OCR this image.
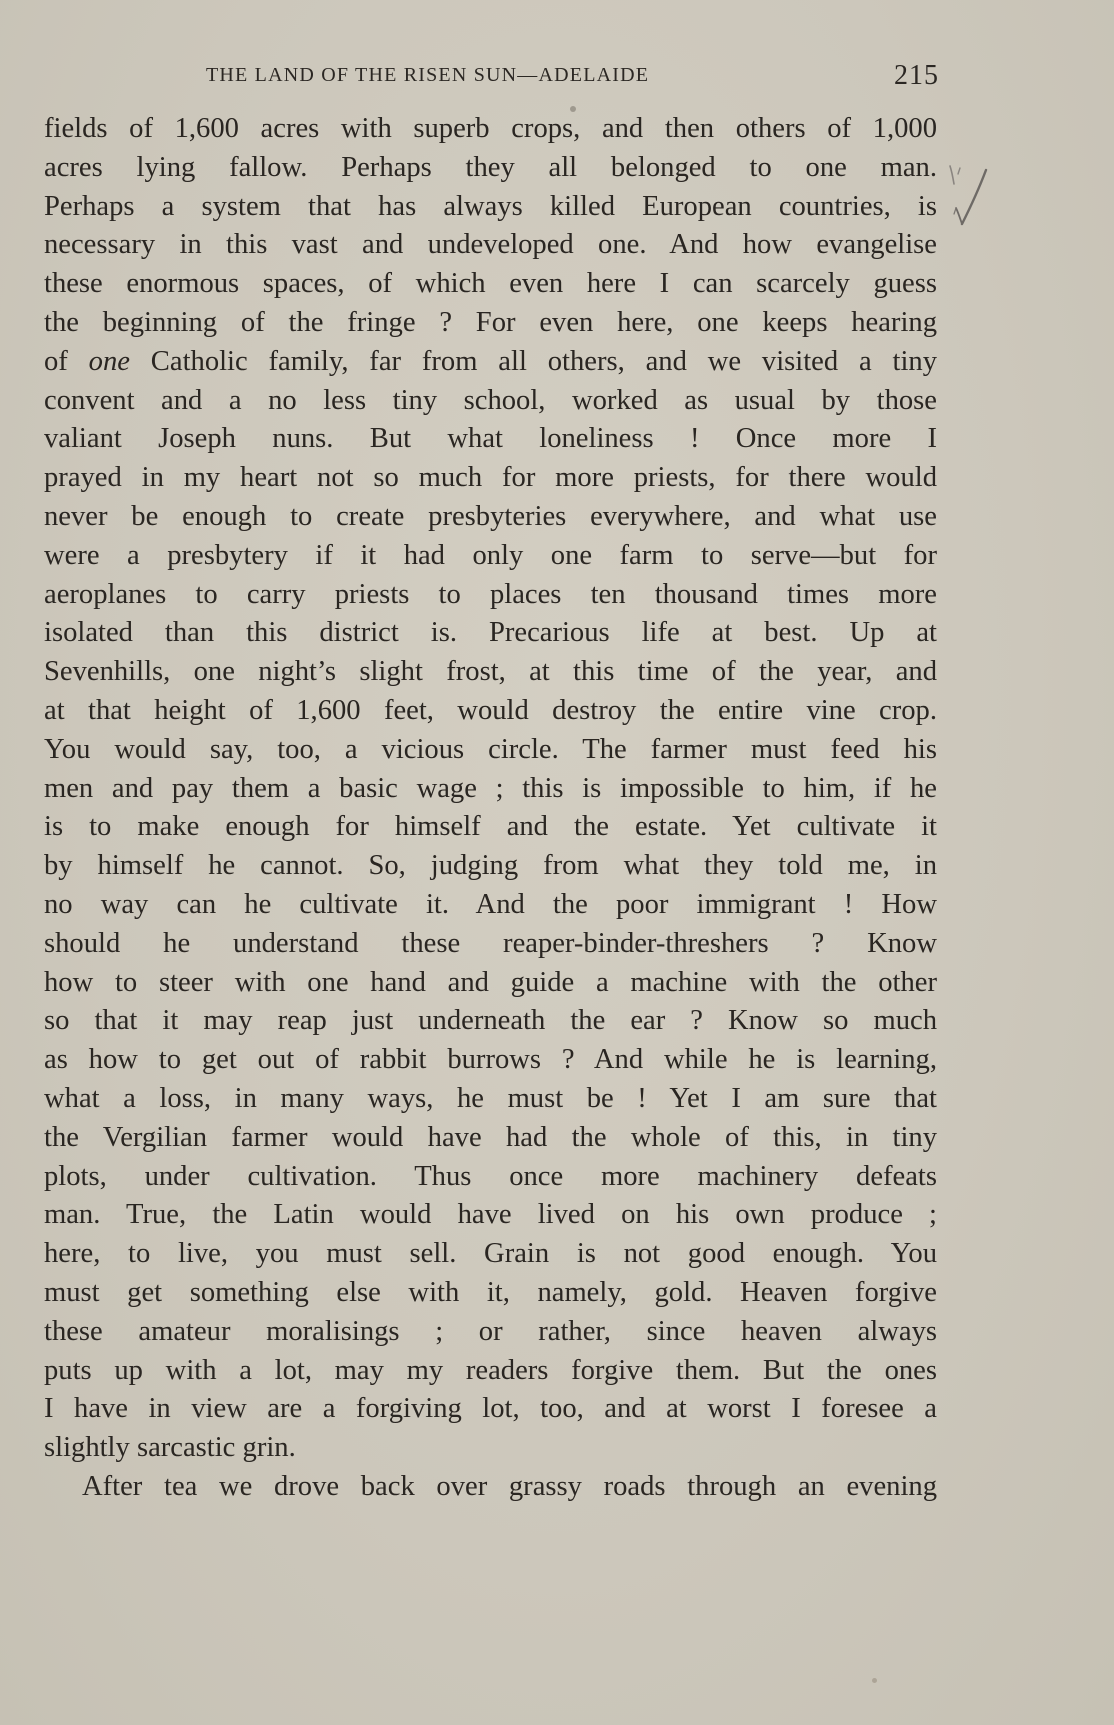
THE LAND OF THE RISEN SUN—ADELAIDE	215
fields of 1,600 acres with superb crops, and then others of 1,000
acres lying fallow. Perhaps they all belonged to one man.
Perhaps a system that has always killed European countries, is
necessary in this vast and undeveloped one. And how evangelise
these enormous spaces, of which even here I can scarcely guess
the beginning of the fringe ? For even here, one keeps hearing
of one Catholic family, far from all others, and we visited a tiny
convent and a no less tiny school, worked as usual by those
valiant Joseph nuns. But what loneliness ! Once more I
prayed in my heart not so much for more priests, for there would
never be enough to create presbyteries everywhere, and what use
were a presbytery if it had only one farm to serve—but for
aeroplanes to carry priests to places ten thousand times more
isolated than this district is. Precarious life at best. Up at
Sevenhills, one night’s slight frost, at this time of the year, and
at that height of 1,600 feet, would destroy the entire vine crop.
You would say, too, a vicious circle. The farmer must feed his
men and pay them a basic wage ; this is impossible to him, if he
is to make enough for himself and the estate. Yet cultivate it
by himself he cannot. So, judging from what they told me, in
no way can he cultivate it. And the poor immigrant ! How
should he understand these reaper-binder-threshers ? Know
how to steer with one hand and guide a machine with the other
so that it may reap just underneath the ear ? Know so much
as how to get out of rabbit burrows ? And while he is learning,
what a loss, in many ways, he must be ! Yet I am sure that
the Vergilian farmer would have had the whole of this, in tiny
plots, under cultivation. Thus once more machinery defeats
man. True, the Latin would have lived on his own produce ;
here, to live, you must sell. Grain is not good enough. You
must get something else with it, namely, gold. Heaven forgive
these amateur moralisings ; or rather, since heaven always
puts up with a lot, may my readers forgive them. But the ones
I have in view are a forgiving lot, too, and at worst I foresee a
slightly sarcastic grin.
After tea we drove back over grassy roads through an evening
